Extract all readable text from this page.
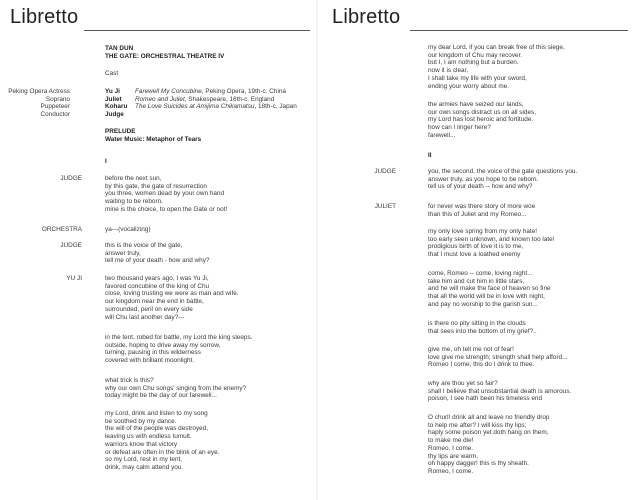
Libretto
TAN DUN
THE GATE: ORCHESTRAL THEATRE IV
Cast
Peking Opera Actress	Yu Ji Farewell My Concubine, Peking Opera, 19th-c. China
Soprano	Juliet Romeo and Juliet, Shakespeare, 16th-c. England
Puppeteer	Koharu The Love Suicides at Amijima Chikamatsu, 18th-c. Japan
Conductor	Judge
PRELUDE
Water Music: Metaphor of Tears
I
JUDGE	before the next sun,
by this gate, the gate of resurrection
you three, women dead by your own hand
waiting to be reborn.
mine is the choice, to open the Gate or not!
ORCHESTRA	ya---(vocalizing)
JUDGE	this is the voice of the gate,
answer truly,
tell me of your death - how and why?
YU JI	two thousand years ago, I was Yu Ji,
favored concubine of the king of Chu
close, loving trusting we were as man and wife.
our kingdom near the end in battle,
surrounded, peril on every side
will Chu last another day?---
in the tent, robed for battle, my Lord the king sleeps.
outside, hoping to drive away my sorrow,
turning, pausing in this wilderness
covered with brilliant moonlight.
what trick is this?
why our own Chu songs' singing from the enemy?
today might be the day of our farewell...
my Lord, drink and listen to my song
be soothed by my dance.
the will of the people was destroyed,
leaving us with endless tumult.
warriors know that victory
or defeat are often in the blink of an eye.
so my Lord, rest in my tent,
drink, may calm attend you.
Libretto
my dear Lord, if you can break free of this siege,
our kingdom of Chu may recover.
but I, I am nothing but a burden.
now it is clear,
I shall take my life with your sword,
ending your worry about me.
the armies have seized our lands,
our own songs distract us on all sides,
my Lord has lost heroic and fortitude.
how can I linger here?
farewell...
II
JUDGE	you, the second, the voice of the gate questions you.
answer truly, as you hope to be reborn.
tell us of your death -- how and why?
JULIET	for never was there story of more woe
than this of Juliet and my Romeo...
my only love spring from my only hate!
too early seen unknown, and known too late!
prodigious birth of love it is to me,
that I must love a loathed enemy
come, Romeo -- come, loving night...
take him and cut him in little stars,
and he will make the face of heaven so fine
that all the world will be in love with night,
and pay no worship to the garish sun...
is there no pity sitting in the clouds
that sees into the bottom of my grief?..
give me, oh tell me not of fear!
love give me strength; strength shall help afford...
Romeo I come, this do I drink to thee.
why are thou yet so fair?
shall I believe that unsubstantial death is amorous.
poison, I see hath been his timeless end
O churl! drink all and leave no friendly drop
to help me after? I will kiss thy lips;
haply some poison yet doth hang on them,
to make me die!
Romeo, I come.
thy lips are warm,
oh happy dagger! this is thy sheath.
Romeo, I come.
